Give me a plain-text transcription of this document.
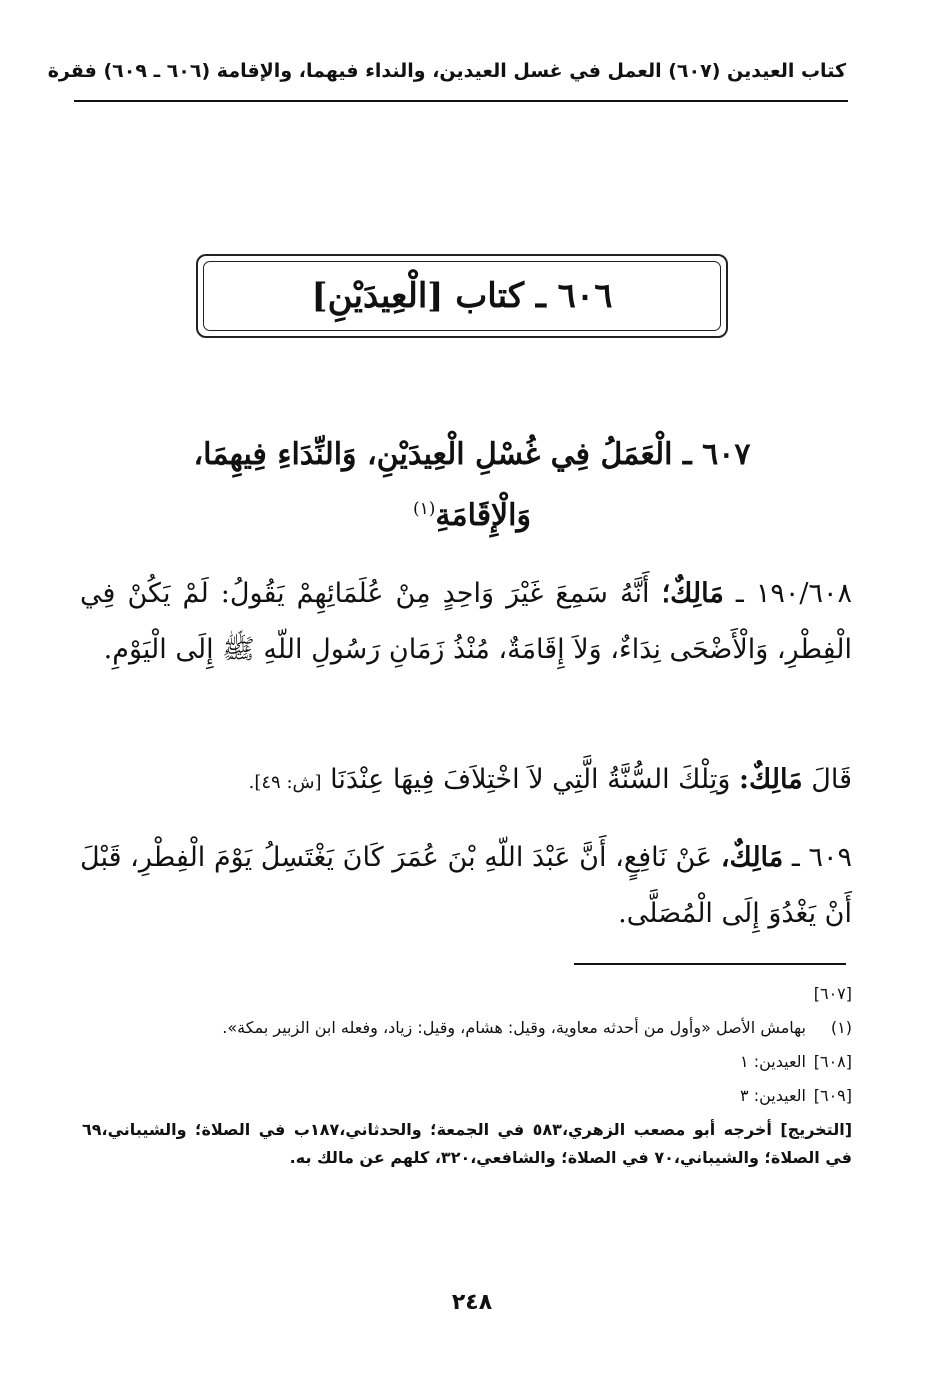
كتاب العيدين (٦٠٧) العمل في غسل العيدين، والنداء فيهما، والإقامة (٦٠٦ ـ ٦٠٩) فقرة
٦٠٦ ـ كتاب [الْعِيدَيْنِ]
٦٠٧ ـ الْعَمَلُ فِي غُسْلِ الْعِيدَيْنِ، وَالنِّدَاءِ فِيهِمَا، وَالْإِقَامَةِ$^{(١)}$
١٩٠/٦٠٨ ـ مَالِكٌ؛ أَنَّهُ سَمِعَ غَيْرَ وَاحِدٍ مِنْ عُلَمَائِهِمْ يَقُولُ: لَمْ يَكُنْ فِي الْفِطْرِ، وَالْأَضْحَى نِدَاءٌ، وَلاَ إِقَامَةٌ، مُنْذُ زَمَانِ رَسُولِ اللّهِ ﷺ إِلَى الْيَوْمِ.
قَالَ مَالِكٌ: وَتِلْكَ السُّنَّةُ الَّتِي لاَ اخْتِلاَفَ فِيهَا عِنْدَنَا [ش: ٤٩].
٦٠٩ ـ مَالِكٌ، عَنْ نَافِعٍ، أَنَّ عَبْدَ اللّهِ بْنَ عُمَرَ كَانَ يَغْتَسِلُ يَوْمَ الْفِطْرِ، قَبْلَ أَنْ يَغْدُوَ إِلَى الْمُصَلَّى.

[٦٠٧]

(١)
بهامش الأصل «وأول من أحدثه معاوية، وقيل: هشام، وقيل: زياد، وفعله ابن الزبير بمكة».
[٦٠٨]
العيدين: ١
[٦٠٩]
العيدين: ٣
[التخريج] أخرجه أبو مصعب الزهري،٥٨٣ في الجمعة؛ والحدثاني،١٨٧ب في الصلاة؛ والشيباني،٦٩ في الصلاة؛ والشيباني،٧٠ في الصلاة؛ والشافعي،٣٢٠، كلهم عن مالك به.
٢٤٨
